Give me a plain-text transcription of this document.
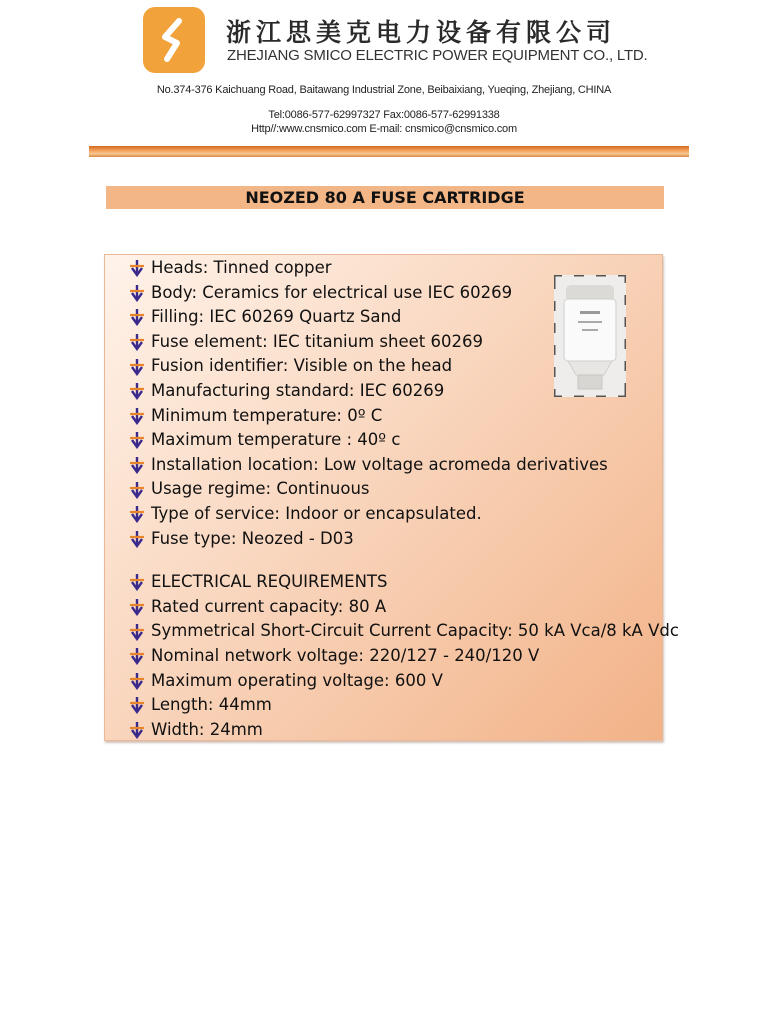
浙江思美克电力设备有限公司
ZHEJIANG SMICO ELECTRIC POWER EQUIPMENT CO., LTD.
No.374-376 Kaichuang Road, Baitawang Industrial Zone, Beibaixiang, Yueqing, Zhejiang, CHINA
Tel:0086-577-62997327 Fax:0086-577-62991338
Http//:www.cnsmico.com E-mail: cnsmico@cnsmico.com
NEOZED 80 A FUSE CARTRIDGE
Heads: Tinned copper
Body: Ceramics for electrical use IEC 60269
Filling: IEC 60269 Quartz Sand
Fuse element: IEC titanium sheet 60269
Fusion identifier: Visible on the head
Manufacturing standard: IEC 60269
Minimum temperature: 0º C
Maximum temperature : 40º c
Installation location: Low voltage acromeda derivatives
Usage regime: Continuous
Type of service: Indoor or encapsulated.
Fuse type: Neozed - D03
ELECTRICAL REQUIREMENTS
Rated current capacity: 80 A
Symmetrical Short-Circuit Current Capacity: 50 kA Vca/8 kA Vdc
Nominal network voltage: 220/127 - 240/120 V
Maximum operating voltage: 600 V
Length: 44mm
Width: 24mm
